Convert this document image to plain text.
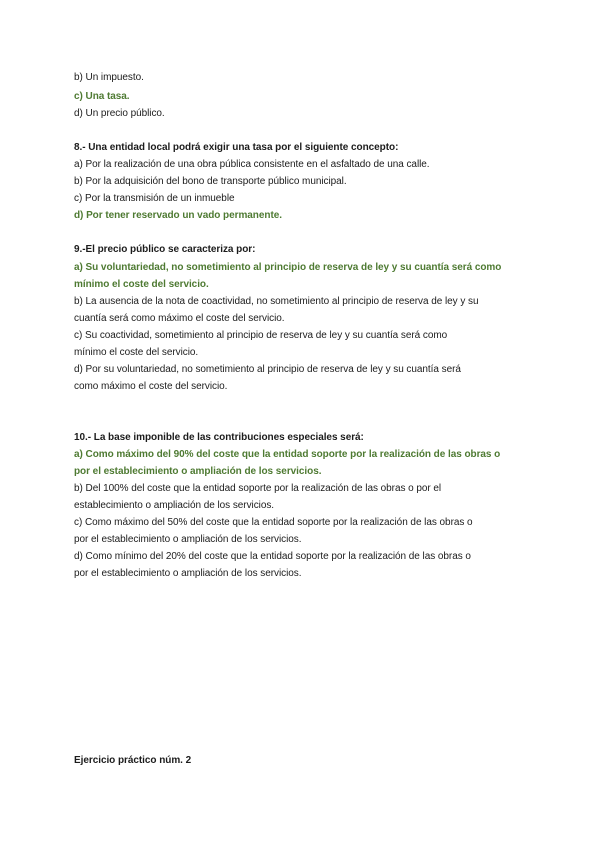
b) Un impuesto.
c) Una tasa.
d) Un precio público.
8.- Una entidad local podrá exigir una tasa por el siguiente concepto:
a) Por la realización de una obra pública consistente en el asfaltado de una calle.
b) Por la adquisición del bono de transporte público municipal.
c) Por la transmisión de un inmueble
d) Por tener reservado un vado permanente.
9.-El precio público se caracteriza por:
a) Su voluntariedad, no sometimiento al principio de reserva de ley y su cuantía será como
mínimo el coste del servicio.
b) La ausencia de la nota de coactividad, no sometimiento al principio de reserva de ley y su
cuantía será como máximo el coste del servicio.
c) Su coactividad, sometimiento al principio de reserva de ley y su cuantía será como
mínimo el coste del servicio.
d) Por su voluntariedad, no sometimiento al principio de reserva de ley y su cuantía será
como máximo el coste del servicio.
10.- La base imponible de las contribuciones especiales será:
a) Como máximo del 90% del coste que la entidad soporte por la realización de las obras o
por el establecimiento o ampliación de los servicios.
b) Del 100% del coste que la entidad soporte por la realización de las obras o por el
establecimiento o ampliación de los servicios.
c) Como máximo del 50% del coste que la entidad soporte por la realización de las obras o
por el establecimiento o ampliación de los servicios.
d) Como mínimo del 20% del coste que la entidad soporte por la realización de las obras o
por el establecimiento o ampliación de los servicios.
Ejercicio práctico núm. 2
